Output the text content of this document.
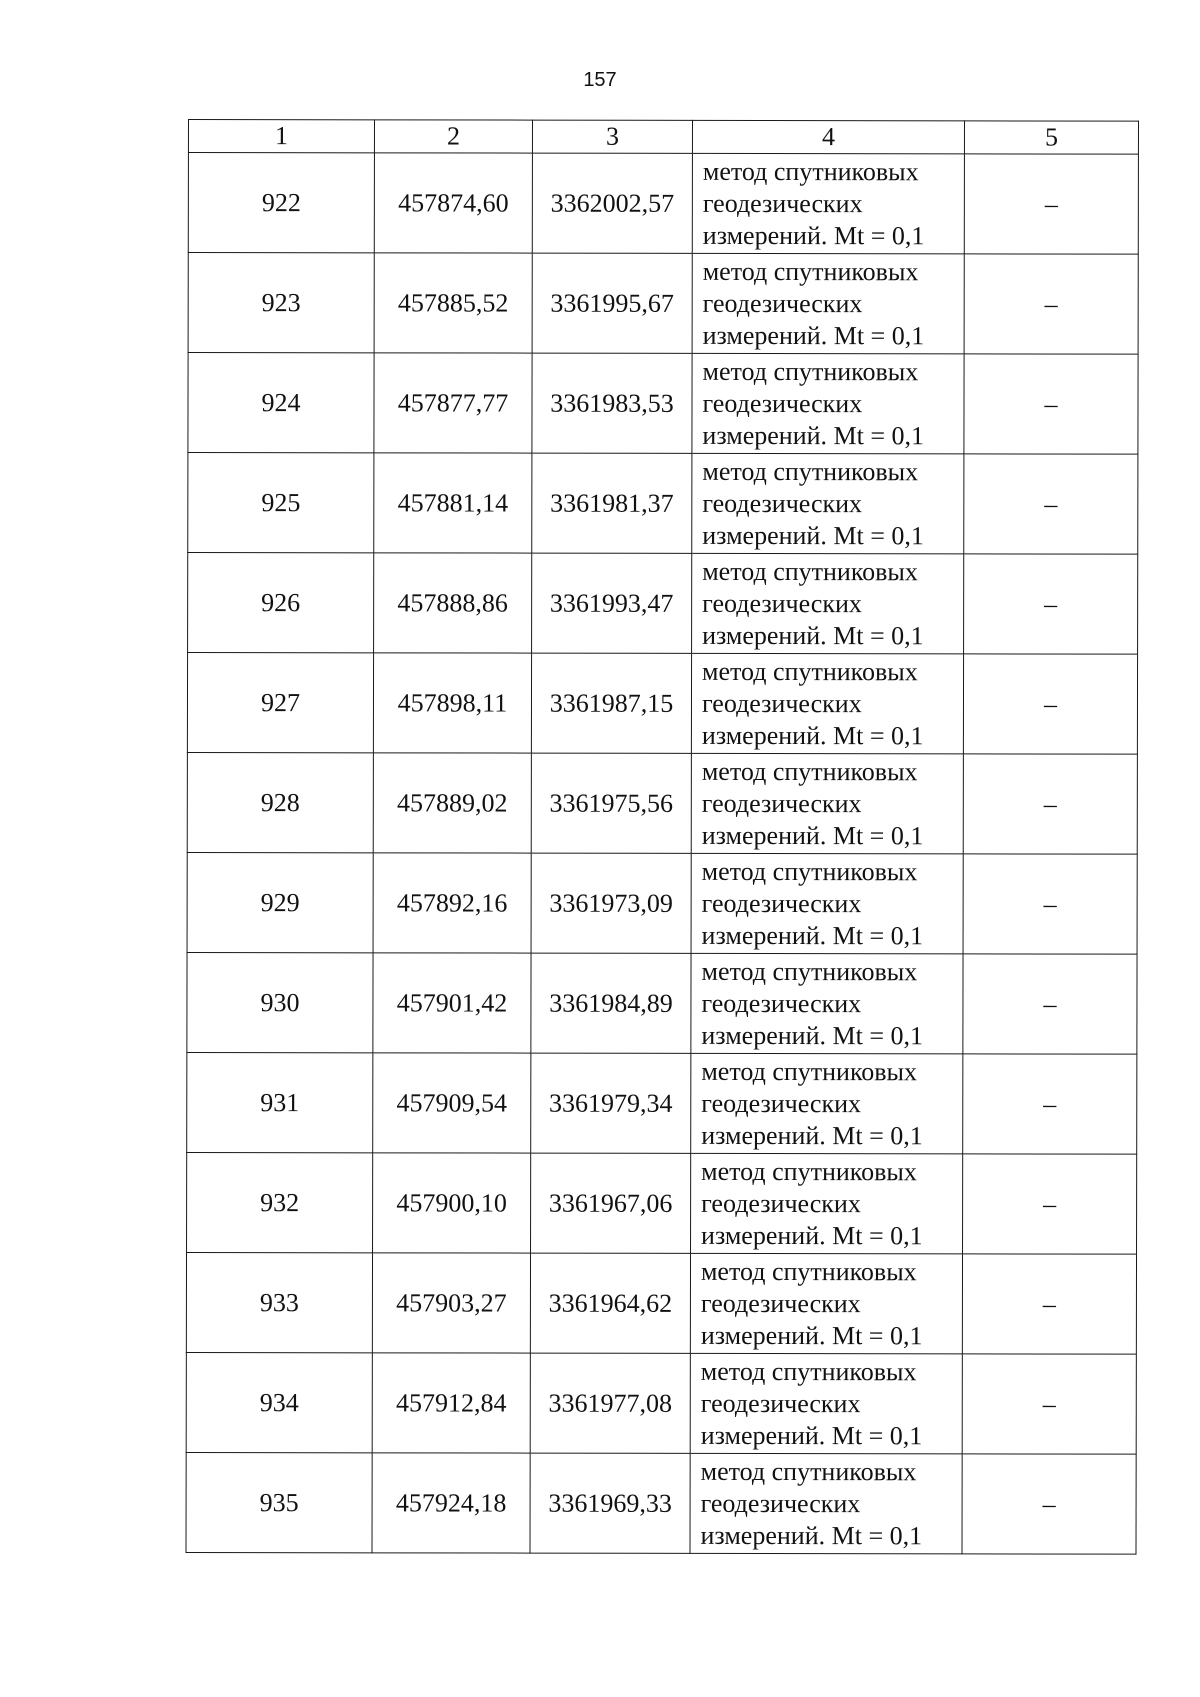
157
1	2	3	4	5
922	457874,60	3362002,57	метод спутниковых
геодезических
измерений. Mt = 0,1	–
923	457885,52	3361995,67	метод спутниковых
геодезических
измерений. Mt = 0,1	–
924	457877,77	3361983,53	метод спутниковых
геодезических
измерений. Mt = 0,1	–
925	457881,14	3361981,37	метод спутниковых
геодезических
измерений. Mt = 0,1	–
926	457888,86	3361993,47	метод спутниковых
геодезических
измерений. Mt = 0,1	–
927	457898,11	3361987,15	метод спутниковых
геодезических
измерений. Mt = 0,1	–
928	457889,02	3361975,56	метод спутниковых
геодезических
измерений. Mt = 0,1	–
929	457892,16	3361973,09	метод спутниковых
геодезических
измерений. Mt = 0,1	–
930	457901,42	3361984,89	метод спутниковых
геодезических
измерений. Mt = 0,1	–
931	457909,54	3361979,34	метод спутниковых
геодезических
измерений. Mt = 0,1	–
932	457900,10	3361967,06	метод спутниковых
геодезических
измерений. Mt = 0,1	–
933	457903,27	3361964,62	метод спутниковых
геодезических
измерений. Mt = 0,1	–
934	457912,84	3361977,08	метод спутниковых
геодезических
измерений. Mt = 0,1	–
935	457924,18	3361969,33	метод спутниковых
геодезических
измерений. Mt = 0,1	–
